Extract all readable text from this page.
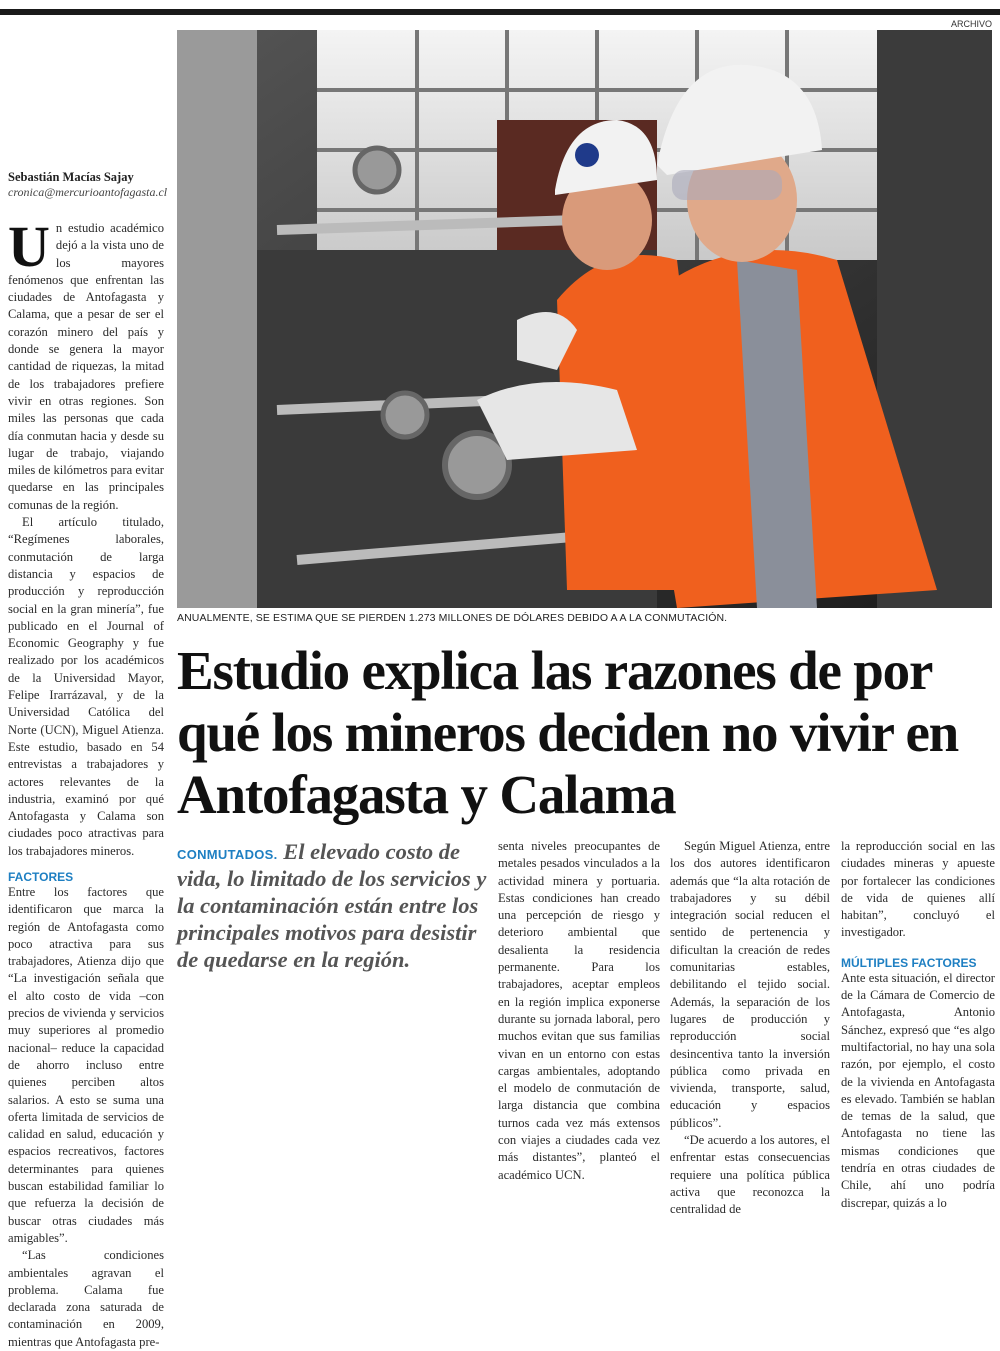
ARCHIVO
ANUALMENTE, SE ESTIMA QUE SE PIERDEN 1.273 MILLONES DE DÓLARES DEBIDO A A LA CONMUTACIÓN.
Estudio explica las razones de por qué los mineros deciden no vivir en Antofagasta y Calama
CONMUTADOS. El elevado costo de vida, lo limitado de los servicios y la contaminación están entre los principales motivos para desistir de quedarse en la región.
Sebastián Macías Sajay
cronica@mercurioantofagasta.cl

Un estudio académico dejó a la vista uno de los mayores fenómenos que enfrentan las ciudades de Antofagasta y Calama, que a pesar de ser el corazón minero del país y donde se genera la mayor cantidad de riquezas, la mitad de los trabajadores prefiere vivir en otras regiones. Son miles las personas que cada día conmutan hacia y desde su lugar de trabajo, viajando miles de kilómetros para evitar quedarse en las principales comunas de la región.

El artículo titulado, “Regímenes laborales, conmutación de larga distancia y espacios de producción y reproducción social en la gran minería”, fue publicado en el Journal of Economic Geography y fue realizado por los académicos de la Universidad Mayor, Felipe Irarrázaval, y de la Universidad Católica del Norte (UCN), Miguel Atienza. Este estudio, basado en 54 entrevistas a trabajadores y actores relevantes de la industria, examinó por qué Antofagasta y Calama son ciudades poco atractivas para los trabajadores mineros.

FACTORES

Entre los factores que identificaron que marca la región de Antofagasta como poco atractiva para sus trabajadores, Atienza dijo que “La investigación señala que el alto costo de vida –con precios de vivienda y servicios muy superiores al promedio nacional– reduce la capacidad de ahorro incluso entre quienes perciben altos salarios. A esto se suma una oferta limitada de servicios de calidad en salud, educación y espacios recreativos, factores determinantes para quienes buscan estabilidad familiar lo que refuerza la decisión de buscar otras ciudades más amigables”.

“Las condiciones ambientales agravan el problema. Calama fue declarada zona saturada de contaminación en 2009, mientras que Antofagasta pre-

senta niveles preocupantes de metales pesados vinculados a la actividad minera y portuaria. Estas condiciones han creado una percepción de riesgo y deterioro ambiental que desalienta la residencia permanente. Para los trabajadores, aceptar empleos en la región implica exponerse durante su jornada laboral, pero muchos evitan que sus familias vivan en un entorno con estas cargas ambientales, adoptando el modelo de conmutación de larga distancia que combina turnos cada vez más extensos con viajes a ciudades cada vez más distantes”, planteó el académico UCN.

Según Miguel Atienza, entre los dos autores identificaron además que “la alta rotación de trabajadores y su débil integración social reducen el sentido de pertenencia y dificultan la creación de redes comunitarias estables, debilitando el tejido social. Además, la separación de los lugares de producción y reproducción social desincentiva tanto la inversión pública como privada en vivienda, transporte, salud, educación y espacios públicos”.

“De acuerdo a los autores, el enfrentar estas consecuencias requiere una política pública activa que reconozca la centralidad de

la reproducción social en las ciudades mineras y apueste por fortalecer las condiciones de vida de quienes allí habitan”, concluyó el investigador.

MÚLTIPLES FACTORES

Ante esta situación, el director de la Cámara de Comercio de Antofagasta, Antonio Sánchez, expresó que “es algo multifactorial, no hay una sola razón, por ejemplo, el costo de la vivienda en Antofagasta es elevado. También se hablan de temas de la salud, que Antofagasta no tiene las mismas condiciones que tendría en otras ciudades de Chile, ahí uno podría discrepar, quizás a lo
